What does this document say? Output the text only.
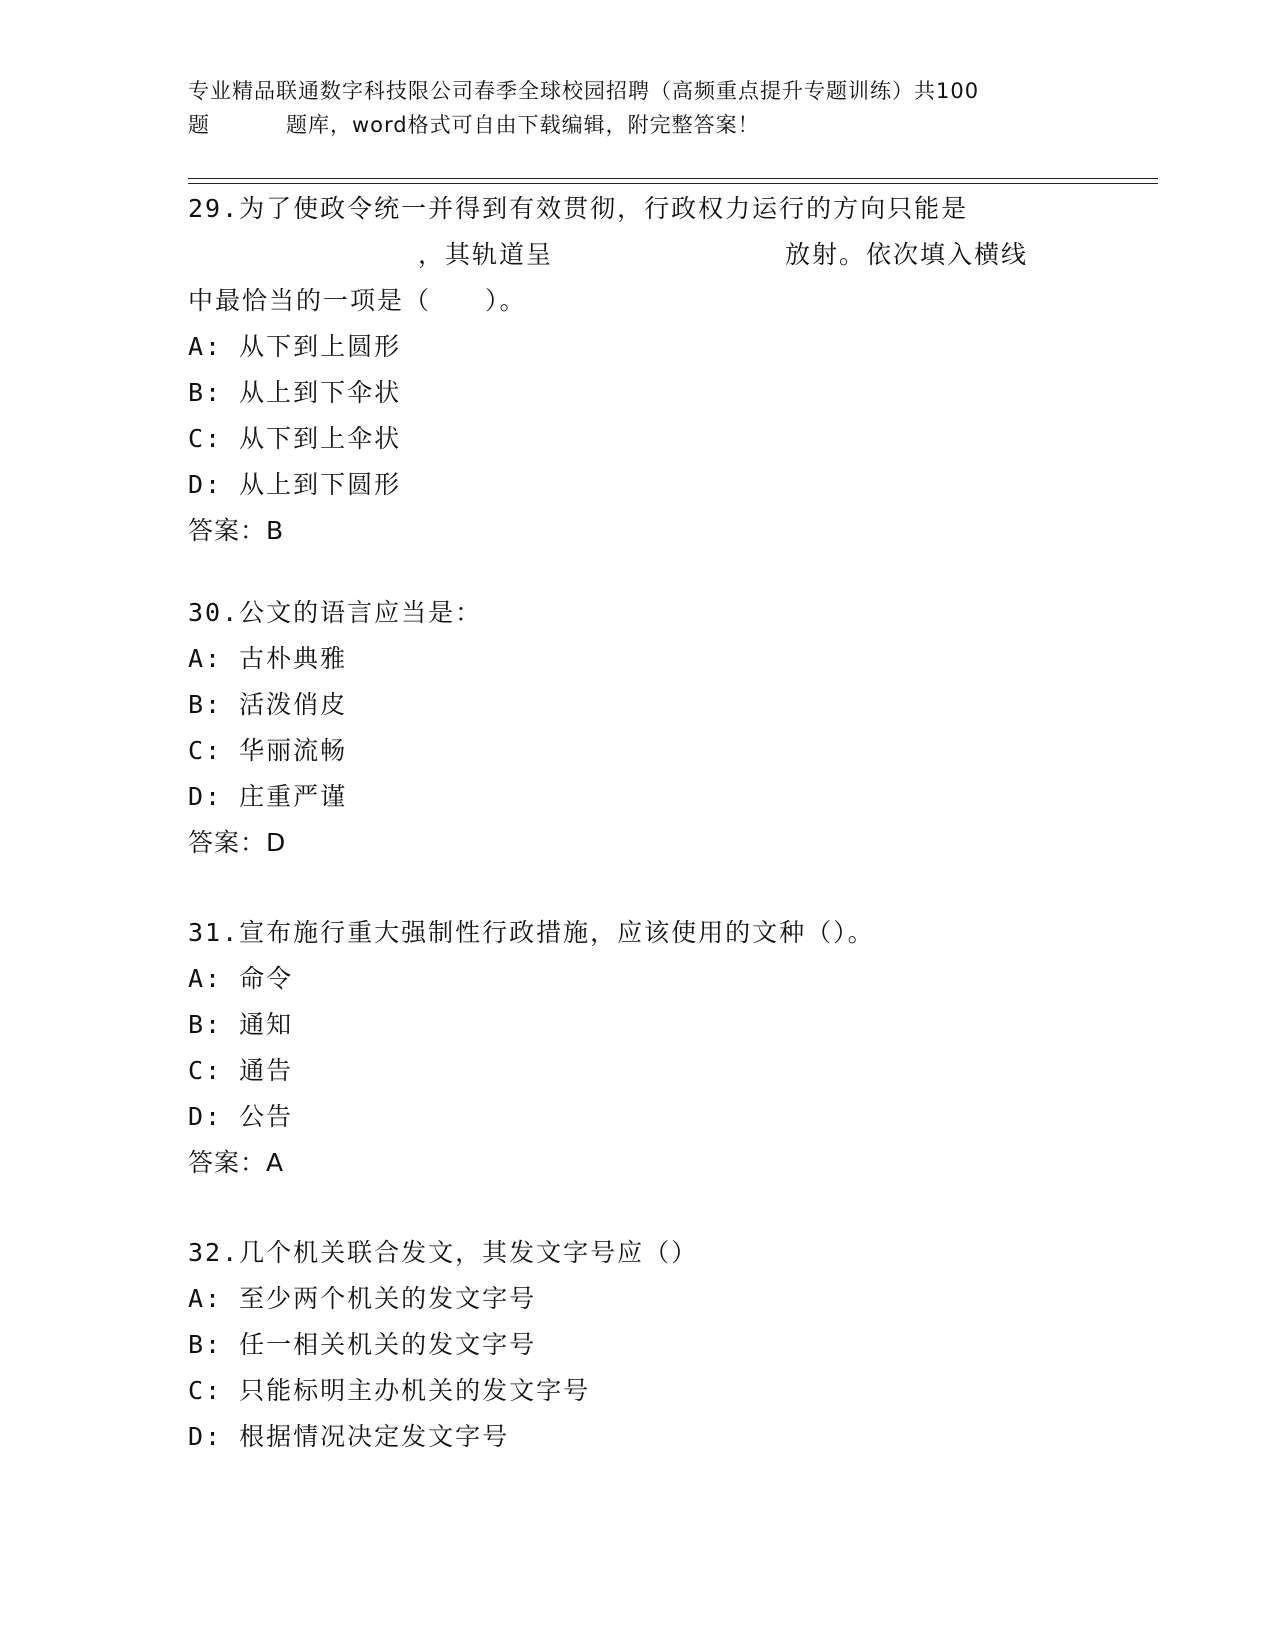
专业精品联通数字科技限公司春季全球校园招聘（高频重点提升专题训练）共100
题	题库，word格式可自由下载编辑，附完整答案！
29.为了使政令统一并得到有效贯彻，行政权力运行的方向只能是
，其轨道呈	放射。依次填入横线
中最恰当的一项是（　　）。
A: 从下到上圆形
B: 从上到下伞状
C: 从下到上伞状
D: 从上到下圆形
答案：B
30.公文的语言应当是：
A: 古朴典雅
B: 活泼俏皮
C: 华丽流畅
D: 庄重严谨
答案：D
31.宣布施行重大强制性行政措施，应该使用的文种（）。
A: 命令
B: 通知
C: 通告
D: 公告
答案：A
32.几个机关联合发文，其发文字号应（）
A: 至少两个机关的发文字号
B: 任一相关机关的发文字号
C: 只能标明主办机关的发文字号
D: 根据情况决定发文字号
